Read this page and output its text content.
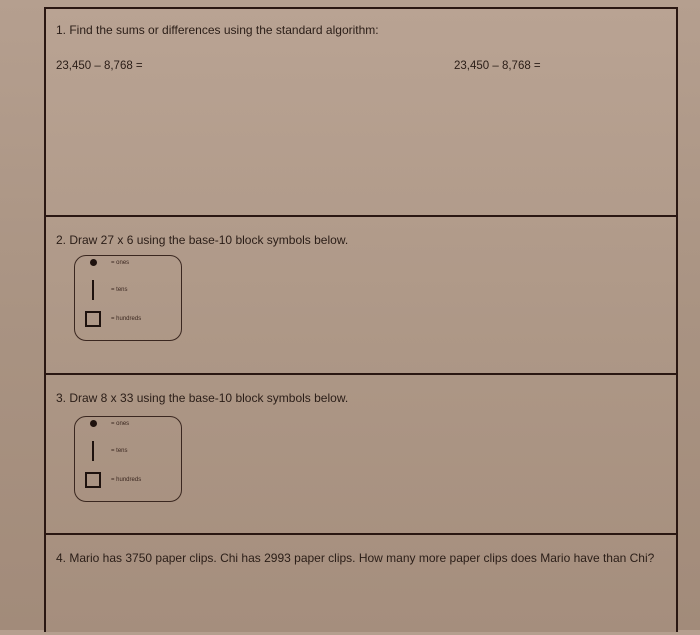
1. Find the sums or differences using the standard algorithm:
23,450 – 8,768 =	23,450 – 8,768 =
2. Draw 27 x 6 using the base-10 block symbols below.
= ones
= tens
= hundreds
3. Draw 8 x 33 using the base-10 block symbols below.
= ones
= tens
= hundreds
4. Mario has 3750 paper clips. Chi has 2993 paper clips. How many more paper clips does Mario have than Chi?
